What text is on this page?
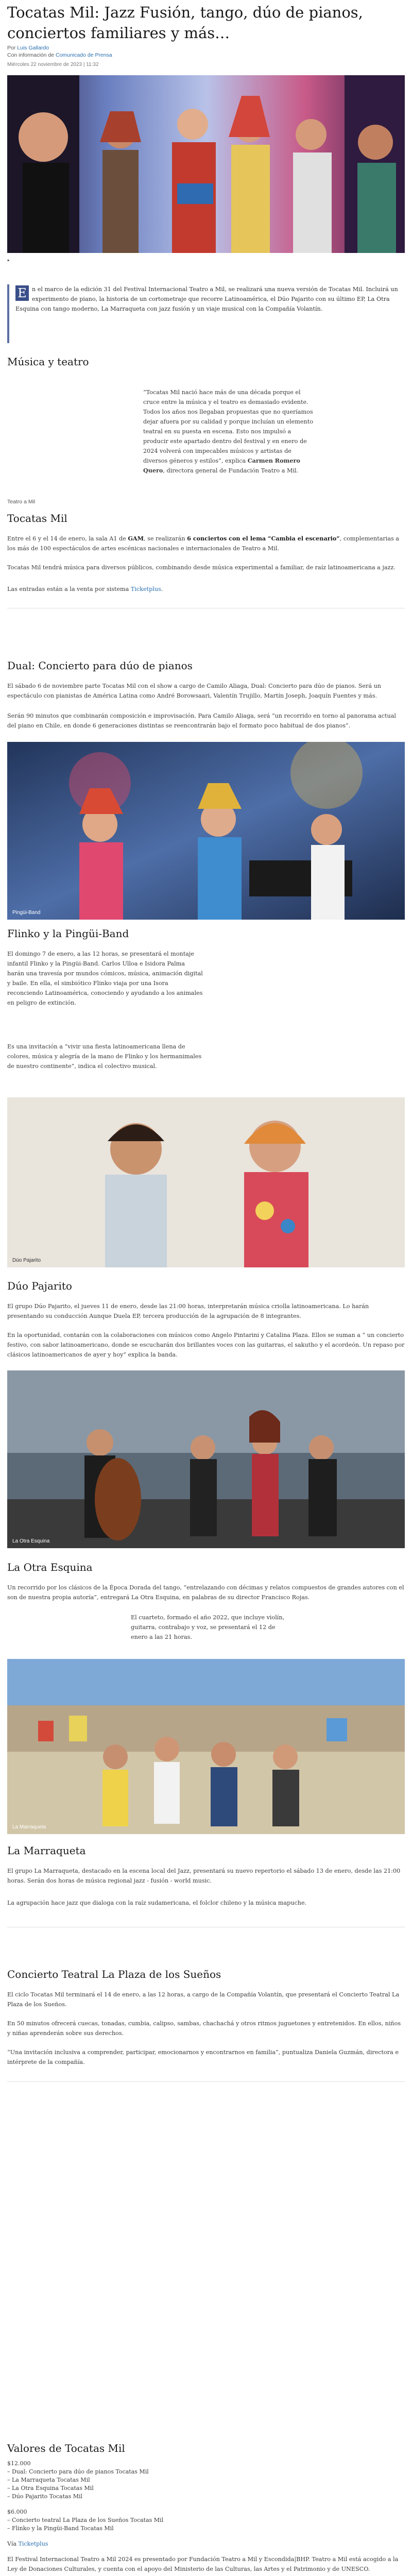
Tocatas Mil: Jazz Fusión, tango, dúo de pianos, conciertos familiares y más…
Por Luis Gallardo
Con información de Comunicado de Prensa
Miércoles 22 noviembre de 2023 | 11:32
▪
E n el marco de la edición 31 del Festival Internacional Teatro a Mil, se realizará una nueva versión de Tocatas Mil. Incluirá un experimento de piano, la historia de un cortometraje que recorre Latinoamérica, el Dúo Pajarito con su último EP, La Otra Esquina con tango moderno, La Marraqueta con jazz fusión y un viaje musical con la Compañía Volantín.
Música y teatro
“Tocatas Mil nació hace más de una década porque el cruce entre la música y el teatro es demasiado evidente. Todos los años nos llegaban propuestas que no queríamos dejar afuera por su calidad y porque incluían un elemento teatral en su puesta en escena. Esto nos impulsó a producir este apartado dentro del festival y en enero de 2024 volverá con impecables músicos y artistas de diversos géneros y estilos”, explica Carmen Romero Quero, directora general de Fundación Teatro a Mil.
Teatro a Mil
Tocatas Mil
Entre el 6 y el 14 de enero, la sala A1 de GAM, se realizarán 6 conciertos con el lema “Cambia el escenario”, complementarias a los más de 100 espectáculos de artes escénicas nacionales e internacionales de Teatro a Mil.
Tocatas Mil tendrá música para diversos públicos, combinando desde música experimental a familiar, de raíz latinoamericana a jazz.
Las entradas están a la venta por sistema Ticketplus.
Dual: Concierto para dúo de pianos
El sábado 6 de noviembre parte Tocatas Mil con el show a cargo de Camilo Aliaga, Dual: Concierto para dúo de pianos. Será un espectáculo con pianistas de América Latina como André Borowsaari, Valentín Trujillo, Martín Joseph, Joaquín Fuentes y más.
Serán 90 minutos que combinarán composición e improvisación. Para Camilo Aliaga, será “un recorrido en torno al panorama actual del piano en Chile, en donde 6 generaciones distintas se reencontrarán bajo el formato poco habitual de dos pianos”.
Pingüi-Band
Flinko y la Pingüi-Band
El domingo 7 de enero, a las 12 horas, se presentará el montaje infantil Flinko y la Pingüi-Band. Carlos Ulloa e Isidora Palma harán una travesía por mundos cómicos, música, animación digital y baile. En ella, el simbiótico Flinko viaja por una Isora reconciendo Latinoamérica, conociendo y ayudando a los animales en peligro de extinción.
Es una invitación a “vivir una fiesta latinoamericana llena de colores, música y alegría de la mano de Flinko y los hermanimales de nuestro continente”, indica el colectivo musical.
Dúo Pajarito
Dúo Pajarito
El grupo Dúo Pajarito, el jueves 11 de enero, desde las 21:00 horas, interpretarán música criolla latinoamericana. Lo harán presentando su conducción Aunque Duela EP, tercera producción de la agrupación de 8 integrantes.
En la oportunidad, contarán con la colaboraciones con músicos como Angelo Pintarini y Catalina Plaza. Ellos se suman a “ un concierto festivo, con sabor latinoamericano, donde se escucharán dos brillantes voces con las guitarras, el sakutho y el acordeón. Un repaso por clásicos latinoamericanos de ayer y hoy” explica la banda.
La Otra Esquina
La Otra Esquina
Un recorrido por los clásicos de la Época Dorada del tango, “entrelazando con décimas y relatos compuestos de grandes autores con el son de nuestra propia autoría”, entregará La Otra Esquina, en palabras de su director Francisco Rojas.
El cuarteto, formado el año 2022, que incluye violín, guitarra, contrabajo y voz, se presentará el 12 de enero a las 21 horas.
La Marraqueta
La Marraqueta
El grupo La Marraqueta, destacado en la escena local del Jazz, presentará su nuevo repertorio el sábado 13 de enero, desde las 21:00 horas. Serán dos horas de música regional jazz - fusión - world music.
La agrupación hace jazz que dialoga con la raíz sudamericana, el folclor chileno y la música mapuche.
Concierto Teatral La Plaza de los Sueños
El ciclo Tocatas Mil terminará el 14 de enero, a las 12 horas, a cargo de la Compañía Volantín, que presentará el Concierto Teatral La Plaza de los Sueños.
En 50 minutos ofrecerá cuecas, tonadas, cumbia, calipso, sambas, chachachá y otros ritmos juguetones y entretenidos. En ellos, niños y niñas aprenderán sobre sus derechos.
“Una invitación inclusiva a comprender, participar, emocionarnos y encontrarnos en familia”, puntualiza Daniela Guzmán, directora e intérprete de la compañía.
Valores de Tocatas Mil
$12.000
– Dual: Concierto para dúo de pianos Tocatas Mil
– La Marraqueta Tocatas Mil
– La Otra Esquina Tocatas Mil
– Dúo Pajarito Tocatas Mil
$6.000
– Concierto teatral La Plaza de los Sueños Tocatas Mil
– Flinko y la Pingüi-Band Tocatas Mil
Vía Ticketplus
El Festival Internacional Teatro a Mil 2024 es presentado por Fundación Teatro a Mil y Escondida|BHP. Teatro a Mil está acogido a la Ley de Donaciones Culturales, y cuenta con el apoyo del Ministerio de las Culturas, las Artes y el Patrimonio y de UNESCO.
